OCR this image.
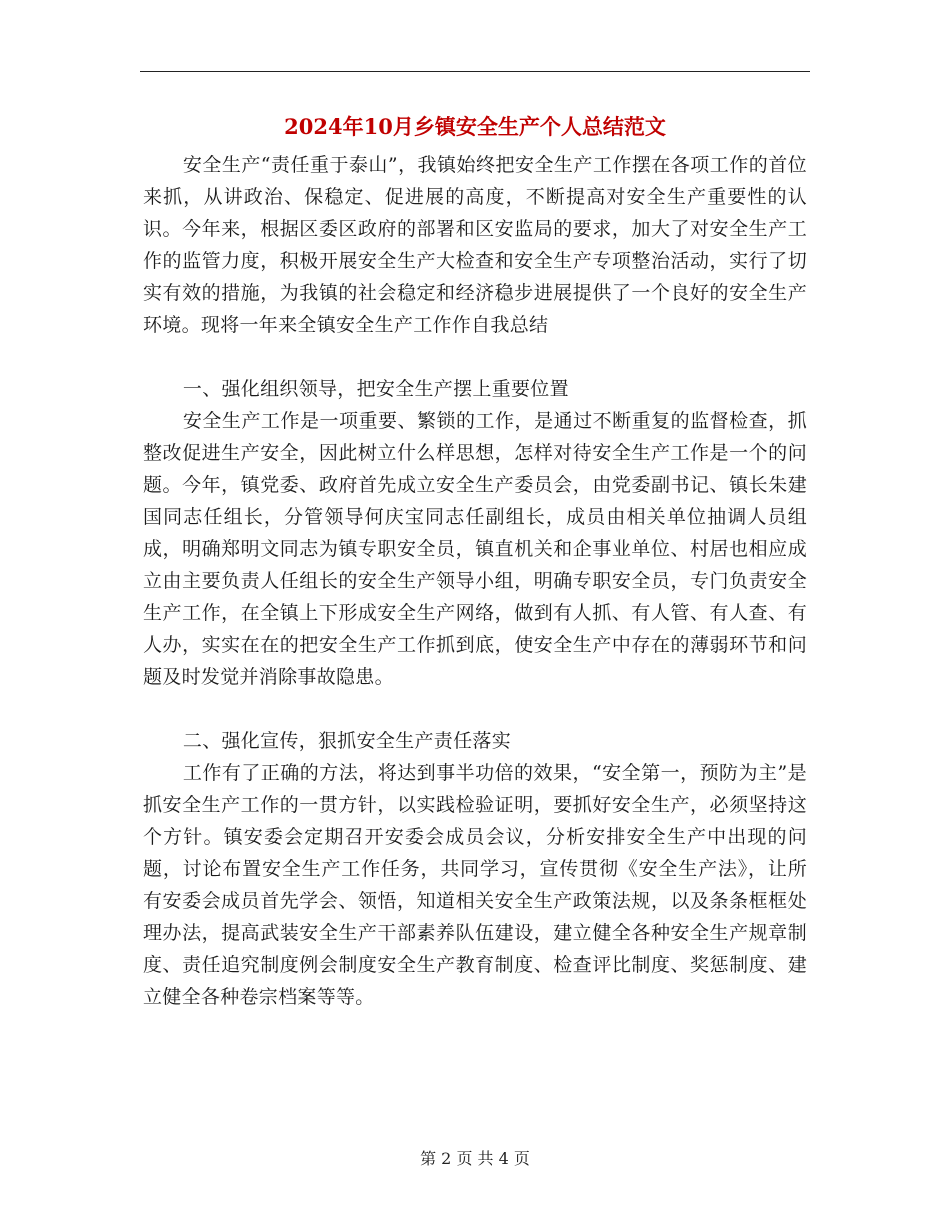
2024年10月乡镇安全生产个人总结范文

安全生产“责任重于泰山”，我镇始终把安全生产工作摆在各项工作的首位来抓，从讲政治、保稳定、促进展的高度，不断提高对安全生产重要性的认识。今年来，根据区委区政府的部署和区安监局的要求，加大了对安全生产工作的监管力度，积极开展安全生产大检查和安全生产专项整治活动，实行了切实有效的措施，为我镇的社会稳定和经济稳步进展提供了一个良好的安全生产环境。现将一年来全镇安全生产工作作自我总结

一、强化组织领导，把安全生产摆上重要位置

安全生产工作是一项重要、繁锁的工作，是通过不断重复的监督检查，抓整改促进生产安全，因此树立什么样思想，怎样对待安全生产工作是一个的问题。今年，镇党委、政府首先成立安全生产委员会，由党委副书记、镇长朱建国同志任组长，分管领导何庆宝同志任副组长，成员由相关单位抽调人员组成，明确郑明文同志为镇专职安全员，镇直机关和企事业单位、村居也相应成立由主要负责人任组长的安全生产领导小组，明确专职安全员，专门负责安全生产工作，在全镇上下形成安全生产网络，做到有人抓、有人管、有人查、有人办，实实在在的把安全生产工作抓到底，使安全生产中存在的薄弱环节和问题及时发觉并消除事故隐患。

二、强化宣传，狠抓安全生产责任落实

工作有了正确的方法，将达到事半功倍的效果，“安全第一，预防为主”是抓安全生产工作的一贯方针，以实践检验证明，要抓好安全生产，必须坚持这个方针。镇安委会定期召开安委会成员会议，分析安排安全生产中出现的问题，讨论布置安全生产工作任务，共同学习，宣传贯彻《安全生产法》，让所有安委会成员首先学会、领悟，知道相关安全生产政策法规，以及条条框框处理办法，提高武装安全生产干部素养队伍建设，建立健全各种安全生产规章制度、责任追究制度例会制度安全生产教育制度、检查评比制度、奖惩制度、建立健全各种卷宗档案等等。

第 2 页 共 4 页
